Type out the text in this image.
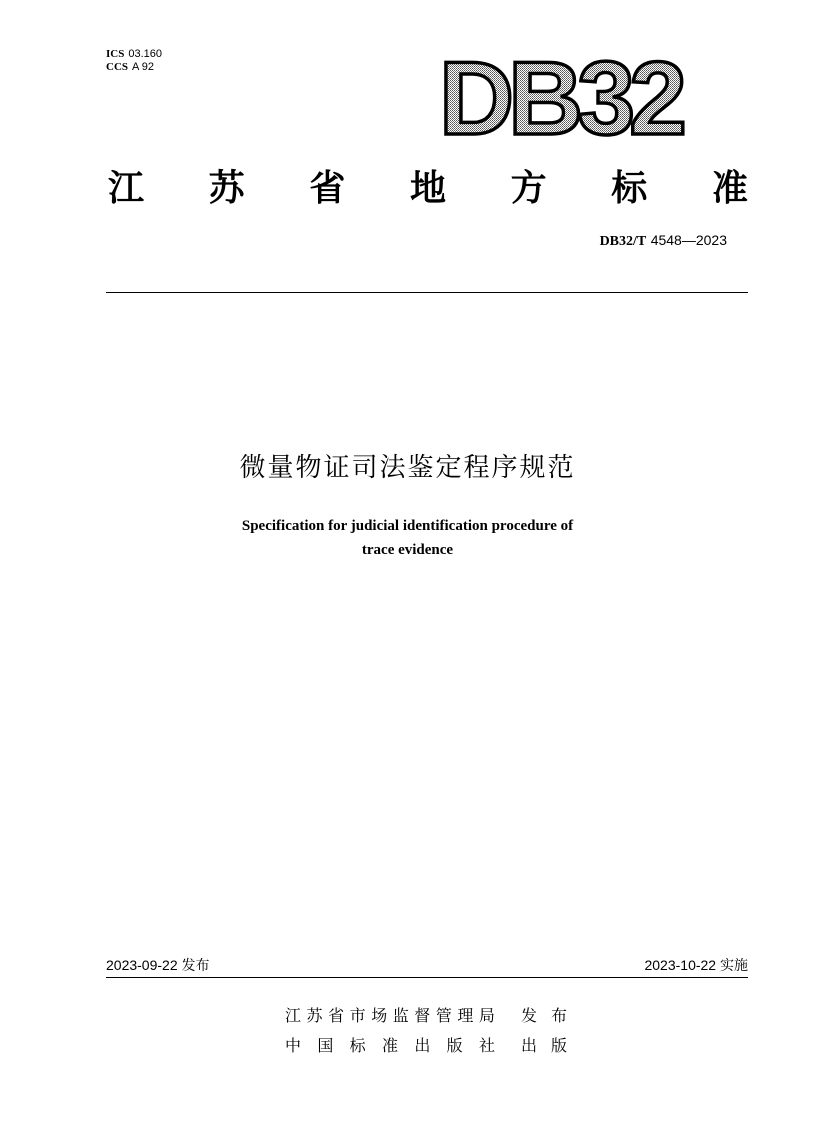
ICS 03.160
CCS A 92	DB32
江 苏 省 地 方 标 准
DB32/T 4548—2023
微量物证司法鉴定程序规范
Specification for judicial identification procedure of
trace evidence
2023-09-22 发布	2023-10-22 实施
江 苏 省 市 场 监 督 管 理 局 发布
中 国 标 准 出 版 社 出版
